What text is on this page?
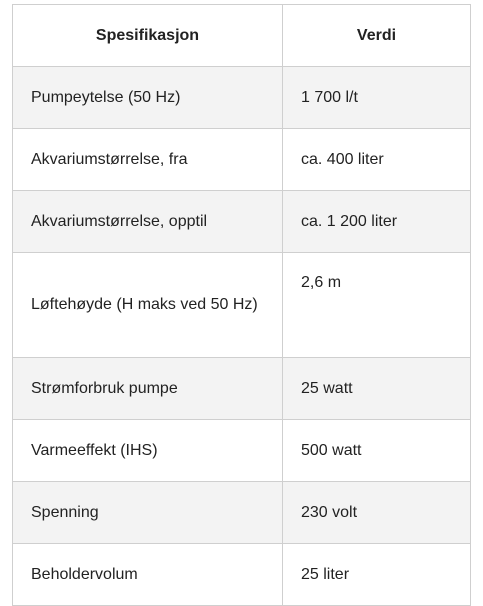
Spesifikasjon	Verdi
Pumpeytelse (50 Hz)	1 700 l/t
Akvariumstørrelse, fra	ca. 400 liter
Akvariumstørrelse, opptil	ca. 1 200 liter
Løftehøyde (H maks ved 50 Hz)	2,6 m
Strømforbruk pumpe	25 watt
Varmeeffekt (IHS)	500 watt
Spenning	230 volt
Beholdervolum	25 liter
